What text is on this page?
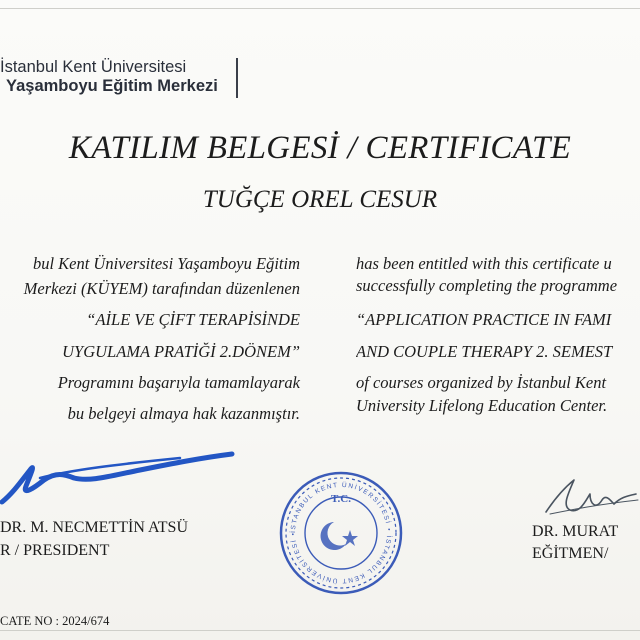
İstanbul Kent Üniversitesi
Yaşamboyu Eğitim Merkezi
KATILIM BELGESİ / CERTIFICATE
TUĞÇE OREL CESUR
bul Kent Üniversitesi Yaşamboyu Eğitim
Merkezi (KÜYEM) tarafından düzenlenen
“AİLE VE ÇİFT TERAPİSİNDE
UYGULAMA PRATİĞİ 2.DÖNEM”
Programını başarıyla tamamlayarak
bu belgeyi almaya hak kazanmıştır.
has been entitled with this certificate u
successfully completing the programme
“APPLICATION PRACTICE IN FAMI
AND COUPLE THERAPY 2. SEMEST
of courses organized by İstanbul Kent
University Lifelong Education Center.
İSTANBUL KENT ÜNİVERSİTESİ • İSTANBUL KENT ÜNİVERSİTESİ •
T.C.
DR. M. NECMETTİN ATSÜ
R / PRESIDENT
DR. MURAT
EĞİTMEN/
CATE NO : 2024/674
